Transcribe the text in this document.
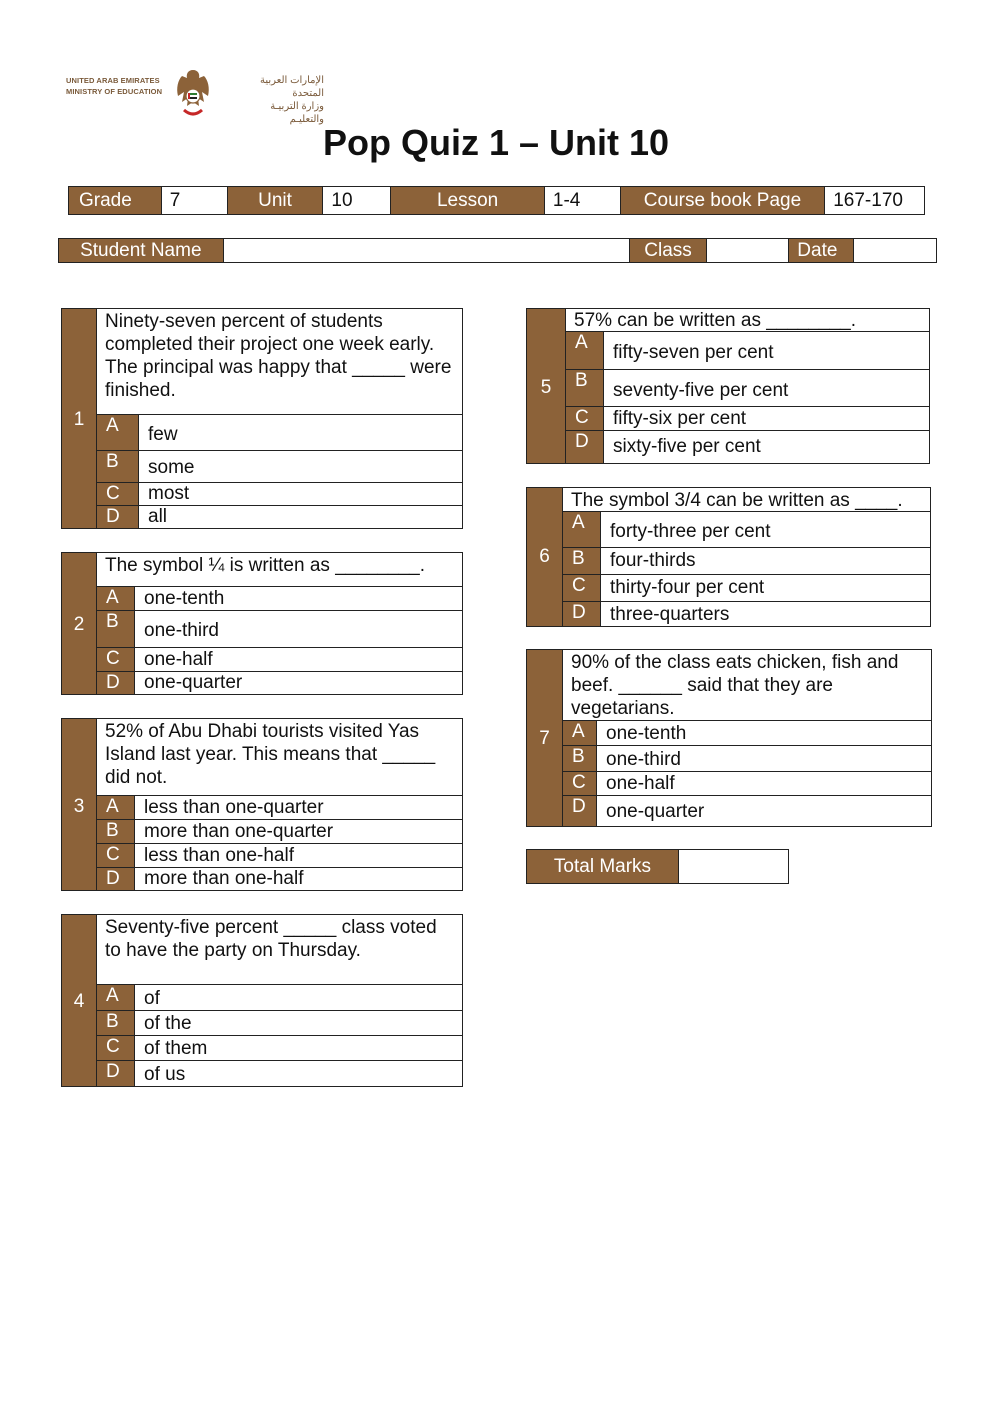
UNITED ARAB EMIRATES
MINISTRY OF EDUCATION
الإمارات العربية المتحدة
وزارة التربيـة والتعليـم
Pop Quiz 1 – Unit 10
Grade	7	Unit	10	Lesson	1-4	Course book Page	167-170
Student Name	Class	Date
1
Ninety-seven percent of students completed their project one week early. The principal was happy that _____ were finished.
A	few
B	some
C	most
D	all
2
The symbol ¼ is written as ________.
A	one-tenth
B	one-third
C	one-half
D	one-quarter
3
52% of Abu Dhabi tourists visited Yas Island last year. This means that _____ did not.
A	less than one-quarter
B	more than one-quarter
C	less than one-half
D	more than one-half
4
Seventy-five percent _____ class voted to have the party on Thursday.
A	of
B	of the
C	of them
D	of us
5
57% can be written as ________.
A	fifty-seven per cent
B	seventy-five per cent
C	fifty-six per cent
D	sixty-five per cent
6
The symbol 3/4 can be written as ____.
A	forty-three per cent
B	four-thirds
C	thirty-four per cent
D	three-quarters
7
90% of the class eats chicken, fish and beef. ______ said that they are vegetarians.
A	one-tenth
B	one-third
C	one-half
D	one-quarter
Total Marks
